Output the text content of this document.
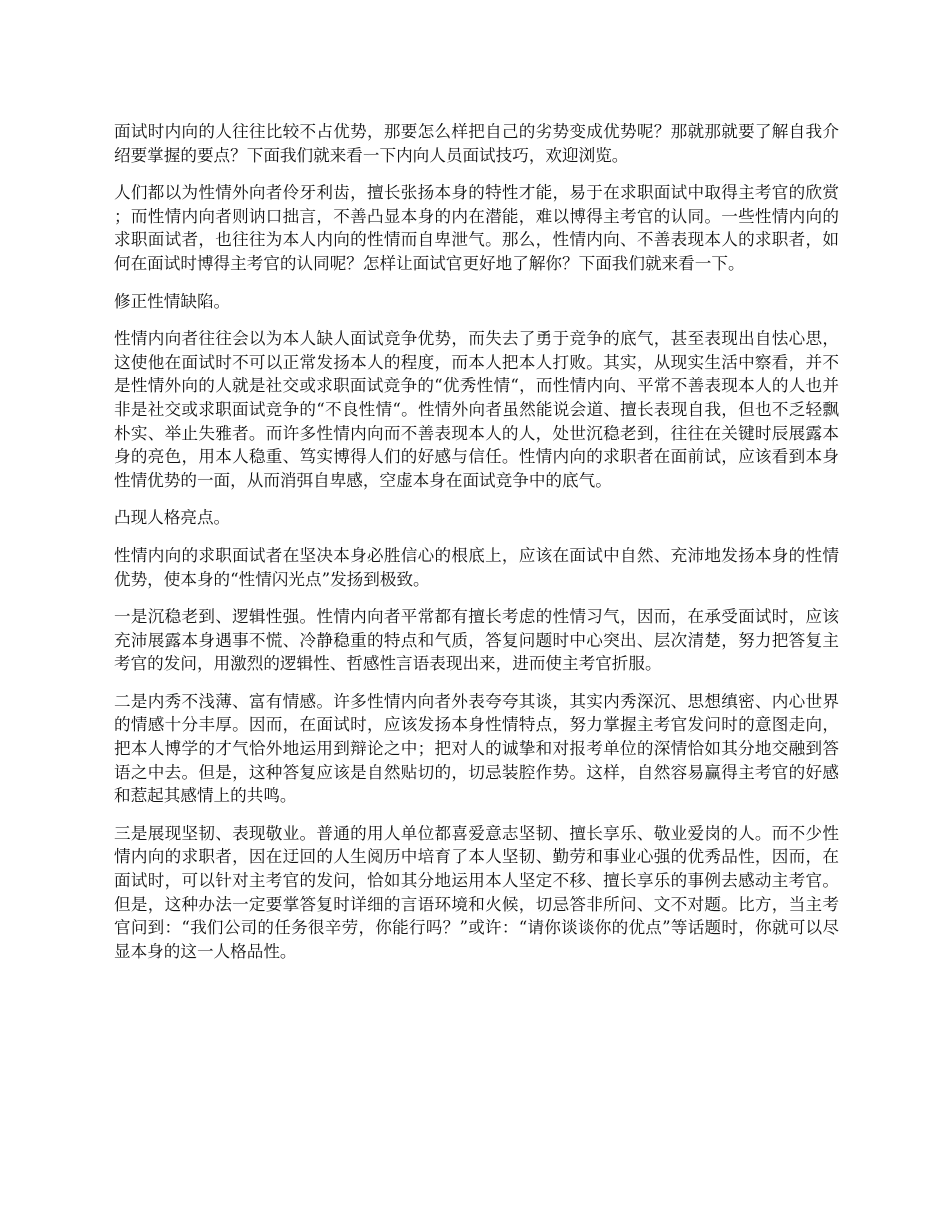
面试时内向的人往往比较不占优势，那要怎么样把自己的劣势变成优势呢？那就那就要了解自我介绍要掌握的要点？下面我们就来看一下内向人员面试技巧，欢迎浏览。

人们都以为性情外向者伶牙利齿，擅长张扬本身的特性才能，易于在求职面试中取得主考官的欣赏；而性情内向者则讷口拙言，不善凸显本身的内在潜能，难以博得主考官的认同。一些性情内向的求职面试者，也往往为本人内向的性情而自卑泄气。那么，性情内向、不善表现本人的求职者，如何在面试时博得主考官的认同呢？怎样让面试官更好地了解你？下面我们就来看一下。

修正性情缺陷。

性情内向者往往会以为本人缺人面试竞争优势，而失去了勇于竞争的底气，甚至表现出自怯心思，这使他在面试时不可以正常发扬本人的程度，而本人把本人打败。其实，从现实生活中察看，并不是性情外向的人就是社交或求职面试竞争的“优秀性情“，而性情内向、平常不善表现本人的人也并非是社交或求职面试竞争的“不良性情“。性情外向者虽然能说会道、擅长表现自我，但也不乏轻飘朴实、举止失雅者。而许多性情内向而不善表现本人的人，处世沉稳老到，往往在关键时辰展露本身的亮色，用本人稳重、笃实博得人们的好感与信任。性情内向的求职者在面前试，应该看到本身性情优势的一面，从而消弭自卑感，空虚本身在面试竞争中的底气。

凸现人格亮点。

性情内向的求职面试者在坚决本身必胜信心的根底上，应该在面试中自然、充沛地发扬本身的性情优势，使本身的“性情闪光点”发扬到极致。

一是沉稳老到、逻辑性强。性情内向者平常都有擅长考虑的性情习气，因而，在承受面试时，应该充沛展露本身遇事不慌、冷静稳重的特点和气质，答复问题时中心突出、层次清楚，努力把答复主考官的发问，用激烈的逻辑性、哲感性言语表现出来，进而使主考官折服。

二是内秀不浅薄、富有情感。许多性情内向者外表夸夸其谈，其实内秀深沉、思想缜密、内心世界的情感十分丰厚。因而，在面试时，应该发扬本身性情特点，努力掌握主考官发问时的意图走向，把本人博学的才气恰外地运用到辩论之中；把对人的诚挚和对报考单位的深情恰如其分地交融到答语之中去。但是，这种答复应该是自然贴切的，切忌装腔作势。这样，自然容易赢得主考官的好感和惹起其感情上的共鸣。

三是展现坚韧、表现敬业。普通的用人单位都喜爱意志坚韧、擅长享乐、敬业爱岗的人。而不少性情内向的求职者，因在迂回的人生阅历中培育了本人坚韧、勤劳和事业心强的优秀品性，因而，在面试时，可以针对主考官的发问，恰如其分地运用本人坚定不移、擅长享乐的事例去感动主考官。但是，这种办法一定要掌答复时详细的言语环境和火候，切忌答非所问、文不对题。比方，当主考官问到：“我们公司的任务很辛劳，你能行吗？”或许：“请你谈谈你的优点”等话题时，你就可以尽显本身的这一人格品性。
